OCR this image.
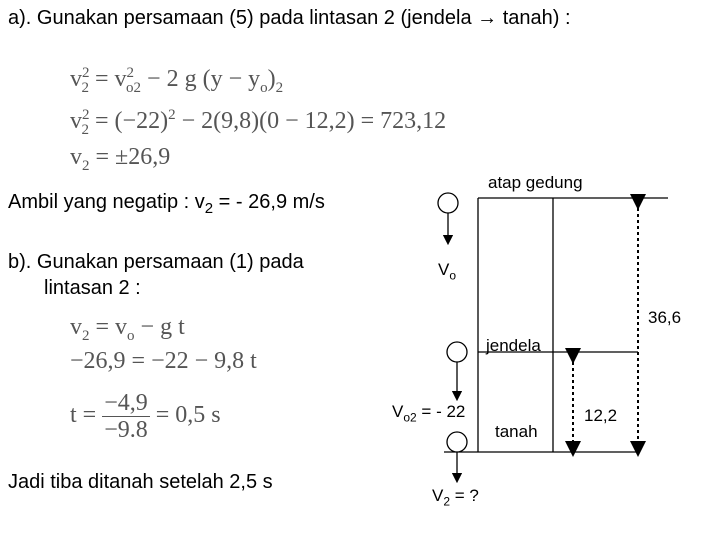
a). Gunakan persamaan (5) pada lintasan 2 (jendela → tanah) :
$v^2_2 = v^2_{o2} - 2$ g $(y - y_o)_2$
$v^2_2 = (-22)^2 - 2(9,8)(0 - 12,2) = 723,12$
$v_2 = \pm 26,9$
Ambil yang negatip : $v_2$ = - 26,9 m/s
b). Gunakan persamaan (1) pada
lintasan 2 :
$v_2 = v_o - g$ t
−26,9 = −22 − 9,8 t
$t = \frac{-4,9}{-9.8} = 0,5$ s
Jadi tiba ditanah setelah 2,5 s
atap gedung
$V_o$
36,6
jendela
$V_{o2}$ = - 22	12,2
tanah
$V_2$ = ?
